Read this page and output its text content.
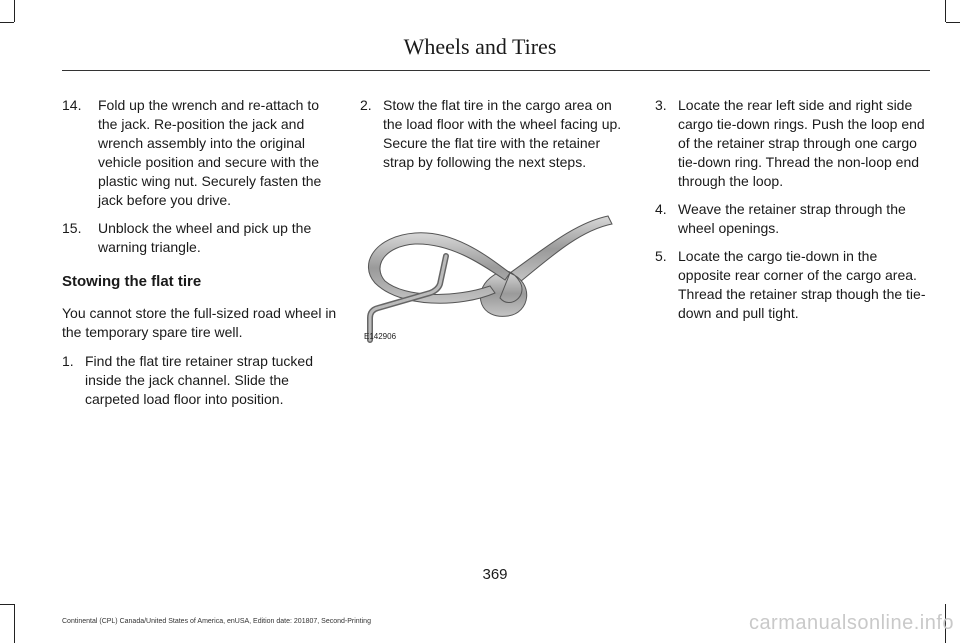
Wheels and Tires
14.	Fold up the wrench and re-attach to the jack. Re-position the jack and wrench assembly into the original vehicle position and secure with the plastic wing nut. Securely fasten the jack before you drive.
15.	Unblock the wheel and pick up the warning triangle.
Stowing the flat tire
You cannot store the full-sized road wheel in the temporary spare tire well.
1. Find the flat tire retainer strap tucked inside the jack channel. Slide the carpeted load floor into position.
2. Stow the flat tire in the cargo area on the load floor with the wheel facing up. Secure the flat tire with the retainer strap by following the next steps.
E142906
3. Locate the rear left side and right side cargo tie-down rings. Push the loop end of the retainer strap through one cargo tie-down ring. Thread the non-loop end through the loop.
4. Weave the retainer strap through the wheel openings.
5. Locate the cargo tie-down in the opposite rear corner of the cargo area. Thread the retainer strap though the tie-down and pull tight.
369
Continental (CPL) Canada/United States of America, enUSA, Edition date: 201807, Second-Printing	carmanualsonline.info
